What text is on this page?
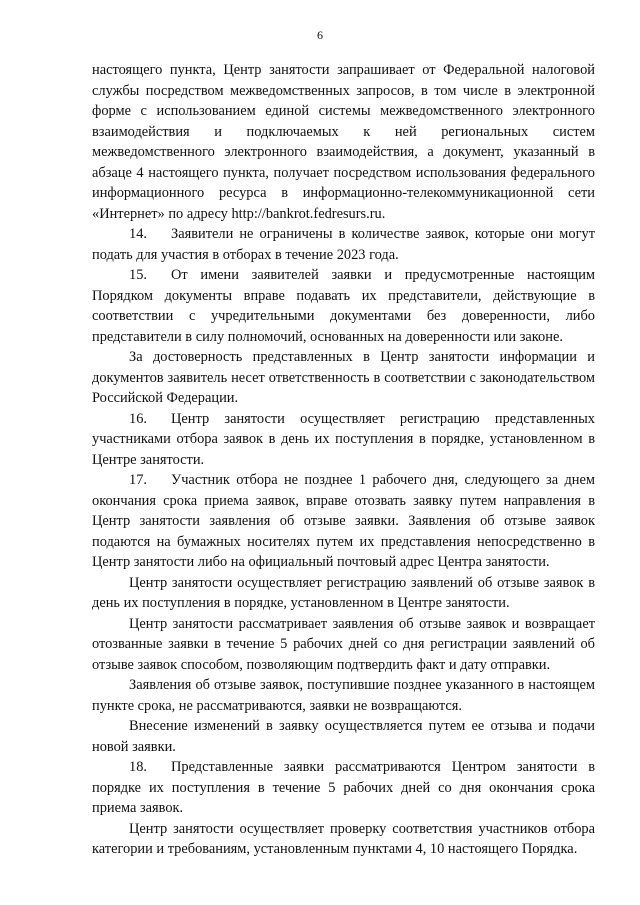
6

настоящего пункта, Центр занятости запрашивает от Федеральной налоговой службы посредством межведомственных запросов, в том числе в электронной форме с использованием единой системы межведомственного электронного взаимодействия и подключаемых к ней региональных систем межведомственного электронного взаимодействия, а документ, указанный в абзаце 4 настоящего пункта, получает посредством использования федерального информационного ресурса в информационно-телекоммуникационной сети «Интернет» по адресу http://bankrot.fedresurs.ru.

14. Заявители не ограничены в количестве заявок, которые они могут подать для участия в отборах в течение 2023 года.

15. От имени заявителей заявки и предусмотренные настоящим Порядком документы вправе подавать их представители, действующие в соответствии с учредительными документами без доверенности, либо представители в силу полномочий, основанных на доверенности или законе.

За достоверность представленных в Центр занятости информации и документов заявитель несет ответственность в соответствии с законодательством Российской Федерации.

16. Центр занятости осуществляет регистрацию представленных участниками отбора заявок в день их поступления в порядке, установленном в Центре занятости.

17. Участник отбора не позднее 1 рабочего дня, следующего за днем окончания срока приема заявок, вправе отозвать заявку путем направления в Центр занятости заявления об отзыве заявки. Заявления об отзыве заявок подаются на бумажных носителях путем их представления непосредственно в Центр занятости либо на официальный почтовый адрес Центра занятости.

Центр занятости осуществляет регистрацию заявлений об отзыве заявок в день их поступления в порядке, установленном в Центре занятости.

Центр занятости рассматривает заявления об отзыве заявок и возвращает отозванные заявки в течение 5 рабочих дней со дня регистрации заявлений об отзыве заявок способом, позволяющим подтвердить факт и дату отправки.

Заявления об отзыве заявок, поступившие позднее указанного в настоящем пункте срока, не рассматриваются, заявки не возвращаются.

Внесение изменений в заявку осуществляется путем ее отзыва и подачи новой заявки.

18. Представленные заявки рассматриваются Центром занятости в порядке их поступления в течение 5 рабочих дней со дня окончания срока приема заявок.

Центр занятости осуществляет проверку соответствия участников отбора категории и требованиям, установленным пунктами 4, 10 настоящего Порядка.
